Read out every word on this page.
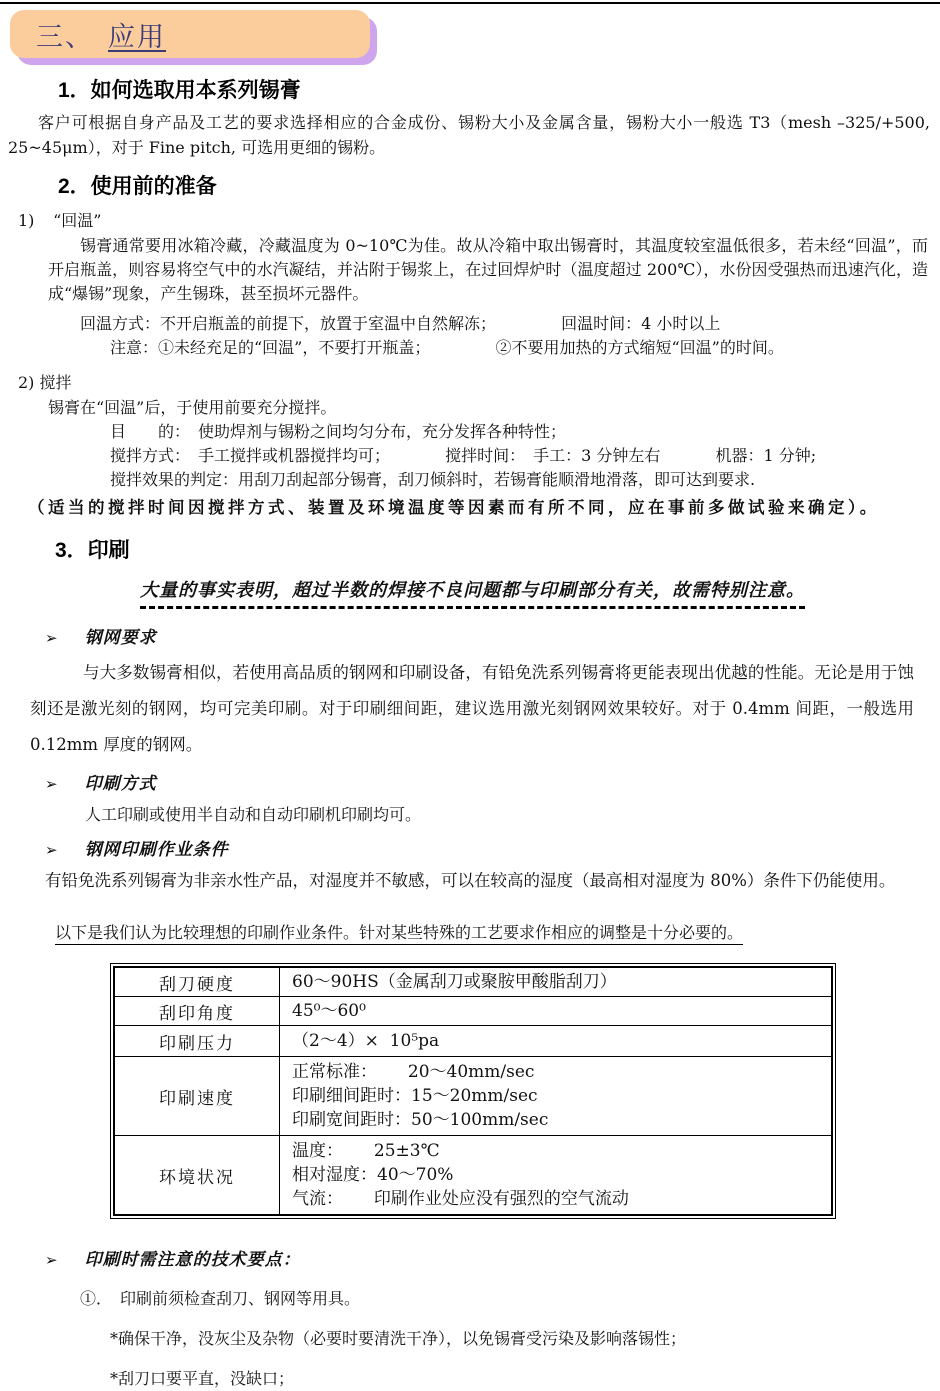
三、 应用
1．如何选取用本系列锡膏

客户可根据自身产品及工艺的要求选择相应的合金成份、锡粉大小及金属含量，锡粉大小一般选 T3（mesh –325/+500, 25~45μm），对于 Fine pitch, 可选用更细的锡粉。

2．使用前的准备
1) “回温”

锡膏通常要用冰箱冷藏，冷藏温度为 0~10℃为佳。故从冷箱中取出锡膏时，其温度较室温低很多，若未经“回温”，而开启瓶盖，则容易将空气中的水汽凝结，并沾附于锡浆上，在过回焊炉时（温度超过 200℃），水份因受强热而迅速汽化，造成“爆锡”现象，产生锡珠，甚至损坏元器件。

回温方式：不开启瓶盖的前提下，放置于室温中自然解冻；	回温时间：4 小时以上
注意：①未经充足的“回温”，不要打开瓶盖；	②不要用加热的方式缩短“回温”的时间。
2) 搅拌
锡膏在“回温”后，于使用前要充分搅拌。
目　　的：　使助焊剂与锡粉之间均匀分布，充分发挥各种特性；
搅拌方式：　手工搅拌或机器搅拌均可；	搅拌时间：　手工：3 分钟左右	机器：1 分钟;
搅拌效果的判定：用刮刀刮起部分锡膏，刮刀倾斜时，若锡膏能顺滑地滑落，即可达到要求.
（适当的搅拌时间因搅拌方式、装置及环境温度等因素而有所不同，应在事前多做试验来确定）。
3．印刷
大量的事实表明，超过半数的焊接不良问题都与印刷部分有关，故需特别注意。
➢ 钢网要求

与大多数锡膏相似，若使用高品质的钢网和印刷设备，有铅免洗系列锡膏将更能表现出优越的性能。无论是用于蚀刻还是激光刻的钢网，均可完美印刷。对于印刷细间距，建议选用激光刻钢网效果较好。对于 0.4mm 间距，一般选用 0.12mm 厚度的钢网。

➢ 印刷方式

人工印刷或使用半自动和自动印刷机印刷均可。

➢ 钢网印刷作业条件

有铅免洗系列锡膏为非亲水性产品，对湿度并不敏感，可以在较高的湿度（最高相对湿度为 80%）条件下仍能使用。

以下是我们认为比较理想的印刷作业条件。针对某些特殊的工艺要求作相应的调整是十分必要的。
刮刀硬度	60～90HS（金属刮刀或聚胺甲酸脂刮刀）

刮印角度	45⁰～60⁰

印刷压力	（2～4）×  10⁵pa

印刷速度	正常标准：　　 20～40mm/sec
印刷细间距时：15～20mm/sec
印刷宽间距时：50～100mm/sec

环境状况	温度：　　 25±3℃
相对湿度：40～70%
气流：　　 印刷作业处应没有强烈的空气流动
➢ 印刷时需注意的技术要点：
①．　印刷前须检查刮刀、钢网等用具。
*确保干净，没灰尘及杂物（必要时要清洗干净），以免锡膏受污染及影响落锡性；
*刮刀口要平直，没缺口；
